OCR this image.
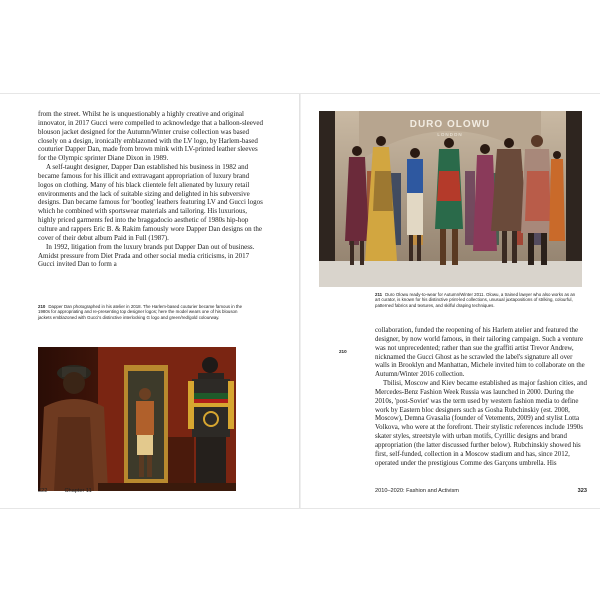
from the street. Whilst he is unquestionably a highly creative and original innovator, in 2017 Gucci were compelled to acknowledge that a balloon-sleeved blouson jacket designed for the Autumn/Winter cruise collection was based closely on a design, ironically emblazoned with the LV logo, by Harlem-based couturier Dapper Dan, made from brown mink with LV-printed leather sleeves for the Olympic sprinter Diane Dixon in 1989.

A self-taught designer, Dapper Dan established his business in 1982 and became famous for his illicit and extravagant appropriation of luxury brand logos on clothing. Many of his black clientele felt alienated by luxury retail environments and the lack of suitable sizing and delighted in his subversive designs. Dan became famous for 'bootleg' leathers featuring LV and Gucci logos which he combined with sportswear materials and tailoring. His luxurious, highly priced garments fed into the braggadocio aesthetic of 1980s hip-hop culture and rappers Eric B. & Rakim famously wore Dapper Dan designs on the cover of their debut album Paid in Full (1987).

In 1992, litigation from the luxury brands put Dapper Dan out of business. Amidst pressure from Diet Prada and other social media criticisms, in 2017 Gucci invited Dan to form a

210 Dapper Dan photographed in his atelier in 2018. The Harlem-based couturier became famous in the 1980s for appropriating and re-presenting top designer logos; here the model wears one of his blouson jackets emblazoned with Gucci's distinctive interlocking G logo and green/red/gold colourway.
322	Chapter 11
DURO OLOWU
LONDON
211 Duro Olowu ready-to-wear for Autumn/Winter 2011. Olowu, a trained lawyer who also works as an art curator, is known for his distinctive print-led collections, unusual juxtapositions of striking, colourful, patterned fabrics and textures, and skilful draping techniques.
210

collaboration, funded the reopening of his Harlem atelier and featured the designer, by now world famous, in their tailoring campaign. Such a venture was not unprecedented; rather than sue the graffiti artist Trevor Andrew, nicknamed the Gucci Ghost as he scrawled the label's signature all over walls in Brooklyn and Manhattan, Michele invited him to collaborate on the Autumn/Winter 2016 collection.

Tbilisi, Moscow and Kiev became established as major fashion cities, and Mercedes-Benz Fashion Week Russia was launched in 2000. During the 2010s, 'post-Soviet' was the term used by western fashion media to define work by Eastern bloc designers such as Gosha Rubchinskiy (est. 2008, Moscow), Demna Gvasalia (founder of Vetements, 2009) and stylist Lotta Volkova, who were at the forefront. Their stylistic references include 1990s skater styles, streetstyle with urban motifs, Cyrillic designs and brand appropriation (the latter discussed further below). Rubchinskiy showed his first, self-funded, collection in a Moscow stadium and has, since 2012, operated under the prestigious Comme des Garçons umbrella. His

2010–2020: Fashion and Activism	323
